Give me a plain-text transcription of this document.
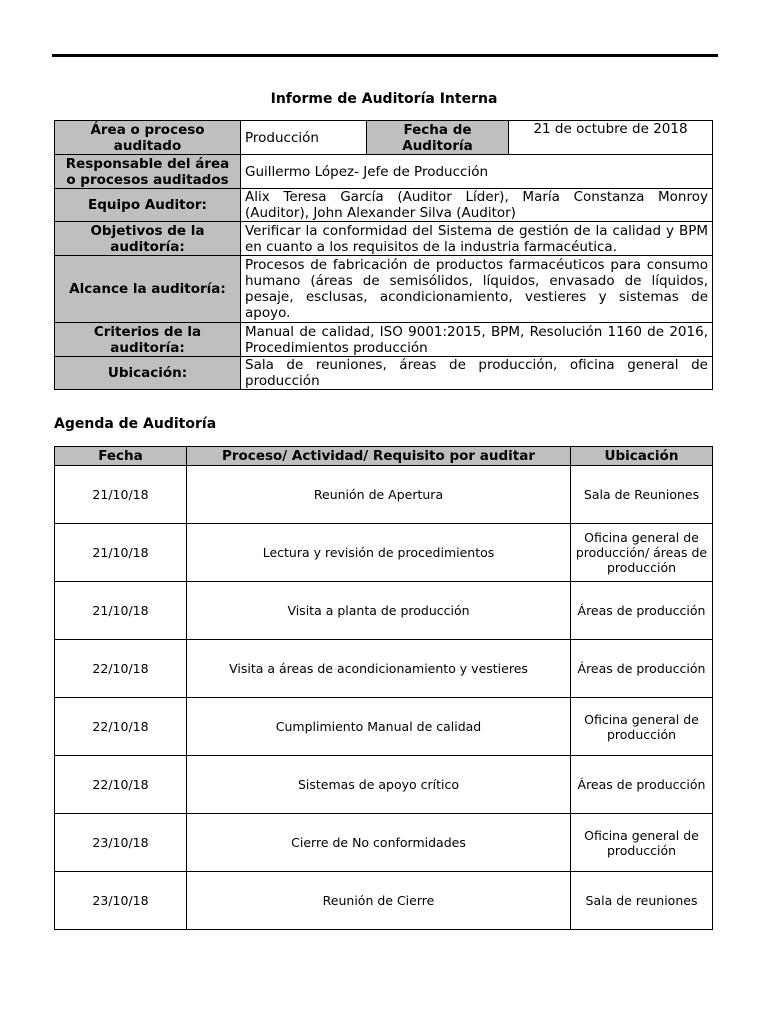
Informe de Auditoría Interna
Área o proceso auditado	Producción	Fecha de Auditoría	21 de octubre de 2018
Responsable del área o procesos auditados	Guillermo López- Jefe de Producción		
Equipo Auditor:	Alix Teresa García (Auditor Líder), María Constanza Monroy (Auditor), John Alexander Silva (Auditor)		
Objetivos de la auditoría:	Verificar la conformidad del Sistema de gestión de la calidad y BPM en cuanto a los requisitos de la industria farmacéutica.		
Alcance la auditoría:	Procesos de fabricación de productos farmacéuticos para consumo humano (áreas de semisólidos, líquidos, envasado de líquidos, pesaje, esclusas, acondicionamiento, vestieres y sistemas de apoyo.		
Criterios de la auditoría:	Manual de calidad, ISO 9001:2015, BPM, Resolución 1160 de 2016, Procedimientos producción		
Ubicación:	Sala de reuniones, áreas de producción, oficina general de producción		
Agenda de Auditoría
Fecha	Proceso/ Actividad/ Requisito por auditar	Ubicación
21/10/18	Reunión de Apertura	Sala de Reuniones
21/10/18	Lectura y revisión de procedimientos	Oficina general de producción/ áreas de producción
21/10/18	Visita a planta de producción	Áreas de producción
22/10/18	Visita a áreas de acondicionamiento y vestieres	Áreas de producción
22/10/18	Cumplimiento Manual de calidad	Oficina general de producción
22/10/18	Sistemas de apoyo crítico	Áreas de producción
23/10/18	Cierre de No conformidades	Oficina general de producción
23/10/18	Reunión de Cierre	Sala de reuniones
